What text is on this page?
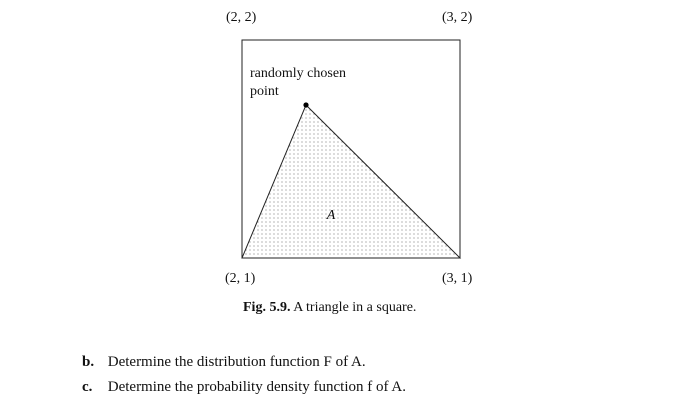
(2, 2)	(3, 2)
A
randomly chosen
point
(2, 1)	(3, 1)
Fig. 5.9. A triangle in a square.
b. Determine the distribution function F of A.
c. Determine the probability density function f of A.
